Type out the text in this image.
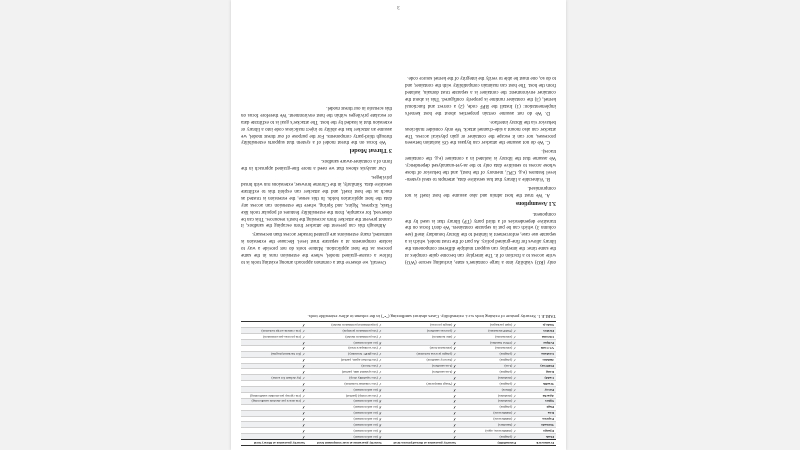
Framework	Extensibility	Security guarantee at thread/process level	Security guarantee at user/component level	Security guarantee at library level
Flask	✓ (plugins)	✗	✗ (no enforcement)	✗
Django	✓ (middleware, apps)	✗	✗ (no enforcement)	✗
Tornado	✓ (handlers)	✗	✗ (no enforcement)	✗
Express	✓ (middleware)	✗	✗ (no enforcement)	✗
Koa	✓ (middleware)	✗	✗ (no enforcement)	✗
Hapi	✓ (plugins)	✗	✗ (no enforcement)	✗
Nginx	✓ (modules)	✗	✗ (no enforcement)	✓ (via strace per-module sandboxing)
Apache	✓ (modules)	✗	✓ (via seccomp) (partial)	✓ (via cgroup per-module sandboxing)
Envoy	✓ (filters)	✗	✗ (no enforcement)	✗
Traefik	✓ (plugins)	✗ (Yaegi interpreter)	✓ (via container isolation)	✗
Caddy	✓ (modules)	✗	✓ (via capability drop)	✓ (by default for some)
Kong	✓ (plugins)	✗ (Lua sandbox)	✓ (via systemd unit, partial)	✗
HAProxy	✓ (Lua)	✗ (Lua sandbox)	✓ (via chroot)	✗
Jenkins	✓ (plugins)	✓ (Groovy sandbox)	✓ (via Docker agent, partial)	✗
Grafana	✓ (plugins)	✓ (plugin process isolation)	✓ (via gRPC boundary)	✓ (for backend plugins)
VS Code	✓ (extensions)	✗ (extension host)	✓ (via workspace trust)	✗
Eclipse	✓ (OSGi bundles)	✗	✗ (no enforcement)	✗
Chrome	✓ (extensions)	✓ (site isolation)	✓ (via permission model)	✓ (via process-per-extension)
Firefox	✓ (WebExtensions)	✓ (process sandbox)	✓ (via permission prompts)	✓ (via content-script isolation)
Node.js	✓ (npm packages)	✗ (single process)	✓ (experimental permission model)	✗
TABLE 1. Security posture of existing tools w.r.t. extensibility. Cases abstract sandboxing ("•") in the column to allow extensible tools.

only (RO) visibility into a large container's state, including secure (WO) write access to a fraction of it. The interplay can become quite complex at the same time: the interplay can support multiple different components the library allows for fine-grained policy. As part of the trust model, which is a separate use case, enforcement is limited to the library boundary itself (see column 3) which can be put in separate containers. We don't focus on the transitive dependencies of a third party (TP) library that is used by the component.

3.1 Assumptions

A. We trust the host admin and also assume the host itself is not compromised.

B. Vulnerable a library that has sensitive data, attempts to steal system-level features (e.g. CPU, memory of the host), and the behavior of those whose access to sensitive data only to the as-yet-unanalysed dependency. We assume that the library is isolated in a container (e.g. the container traces).

C. We do not assume the attacker can bypass the OS isolation between processes, nor can it escape the container or gain physical access. The attacker can also mount a side-channel attack. We only consider malicious behavior via the library interface.

D. We do not assume certain properties about the host kernel's implementation: (1) Install the BPF code, (2) a correct and functional kernel, (3) the container runtime is properly configured. This is about the container environment: the container is a separate trust domain, isolated from the host. The host can maintain compatibility with the container, and to do so, one must be able to verify the integrity of the kernel source code.

Overall, we observe that a common approach among existing tools is to follow a coarse-grained model, where the extension runs in the same process as the host application. Mature tools do not provide a way to isolate components at a separate trust level. Because the extension is untrusted, many extensions are granted broader access than necessary.

Although this can prevent the attacker from escaping the sandbox, it cannot prevent the attacker from accessing the host's resources. This can be observed, for example, from the extensibility features of popular tools like Flask, Express, Nginx, and Spring, where the extension can access any data the host application holds. In this sense, the extension is trusted as much as the host itself, and the attacker can exploit this to exfiltrate sensitive data. Similarly, in the Chrome browser, extensions run with broad privileges.

Our analysis shows that we need a more fine-grained approach in the form of a container-aware sandbox.

3 Threat Model

We focus on the threat model of a system that supports extensibility through third-party components. For the purpose of our threat model, we assume an attacker has the ability to inject malicious code into a library or extension that is loaded by the host. The attacker's goal is to exfiltrate data or escalate privileges within the host environment. We therefore focus on this scenario in our threat model.

3
